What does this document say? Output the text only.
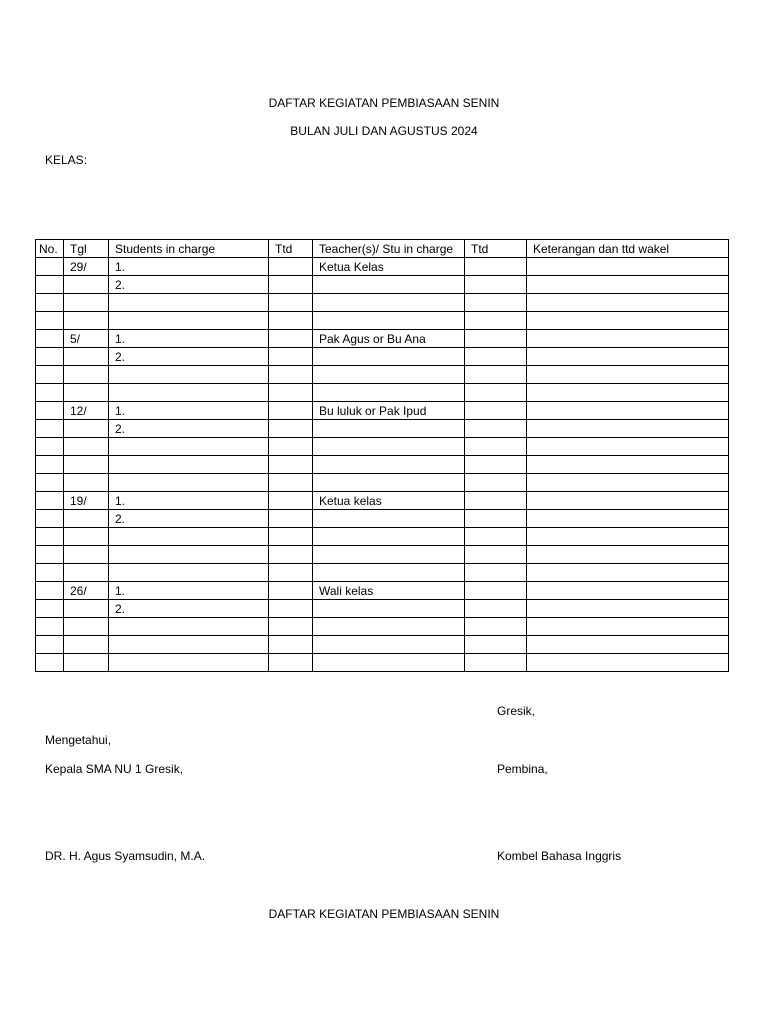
DAFTAR KEGIATAN PEMBIASAAN SENIN
BULAN JULI DAN AGUSTUS 2024
KELAS:
No.	Tgl	Students in charge	Ttd	Teacher(s)/ Stu in charge	Ttd	Keterangan dan ttd wakel
	29/	1.		Ketua Kelas		
		2.				

	5/	1.		Pak Agus or Bu Ana		
		2.				

	12/	1.		Bu luluk or Pak Ipud		
		2.				

	19/	1.		Ketua kelas		
		2.				

	26/	1.		Wali kelas		
		2.				

Gresik,
Mengetahui,
Kepala SMA NU 1 Gresik,	Pembina,
DR. H. Agus Syamsudin, M.A.	Kombel Bahasa Inggris
DAFTAR KEGIATAN PEMBIASAAN SENIN
